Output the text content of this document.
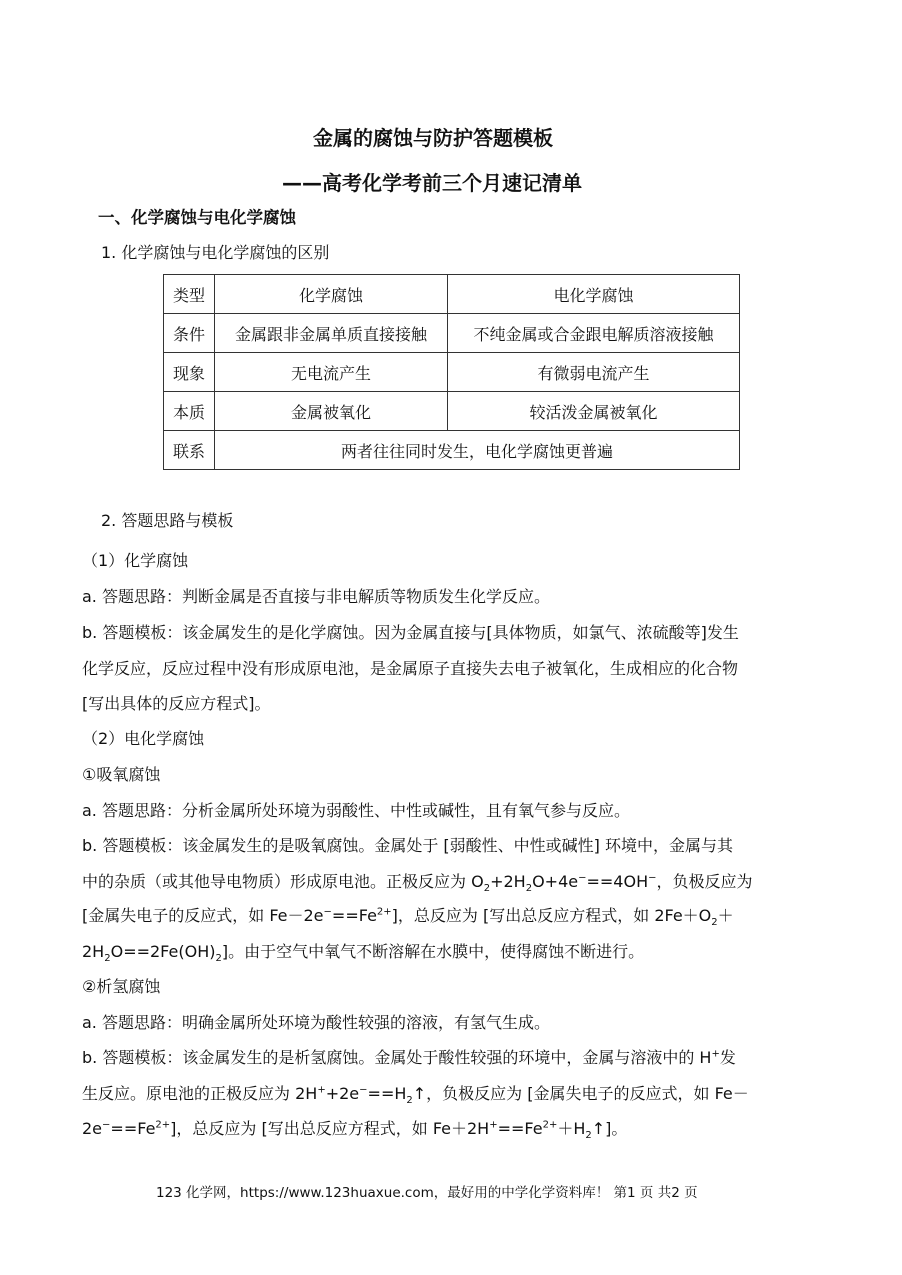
金属的腐蚀与防护答题模板
——高考化学考前三个月速记清单
一、化学腐蚀与电化学腐蚀
1. 化学腐蚀与电化学腐蚀的区别
类型	化学腐蚀	电化学腐蚀
条件	金属跟非金属单质直接接触	不纯金属或合金跟电解质溶液接触
现象	无电流产生	有微弱电流产生
本质	金属被氧化	较活泼金属被氧化
联系	两者往往同时发生，电化学腐蚀更普遍	
2. 答题思路与模板
（1）化学腐蚀
a. 答题思路：判断金属是否直接与非电解质等物质发生化学反应。
b. 答题模板：该金属发生的是化学腐蚀。因为金属直接与[具体物质，如氯气、浓硫酸等]发生
化学反应，反应过程中没有形成原电池，是金属原子直接失去电子被氧化，生成相应的化合物
[写出具体的反应方程式]。
（2）电化学腐蚀
①吸氧腐蚀
a. 答题思路：分析金属所处环境为弱酸性、中性或碱性，且有氧气参与反应。
b. 答题模板：该金属发生的是吸氧腐蚀。金属处于 [弱酸性、中性或碱性] 环境中，金属与其
中的杂质（或其他导电物质）形成原电池。正极反应为 $O_2+2H_2O+4e^-==4OH^-$，负极反应为
[金属失电子的反应式，如 $Fe-2e^-==Fe^{2+}$]，总反应为 [写出总反应方程式，如 $2Fe+O_2+$
$2H_2O==2Fe(OH)_2$]。由于空气中氧气不断溶解在水膜中，使得腐蚀不断进行。
②析氢腐蚀
a. 答题思路：明确金属所处环境为酸性较强的溶液，有氢气生成。
b. 答题模板：该金属发生的是析氢腐蚀。金属处于酸性较强的环境中，金属与溶液中的 H+发
生反应。原电池的正极反应为 $2H^++2e^-==H_2↑$，负极反应为 [金属失电子的反应式，如 Fe－
$2e^-==Fe^{2+}$]，总反应为 [写出总反应方程式，如 $Fe+2H^+==Fe^{2+}+H_2↑$]。
123 化学网，https://www.123huaxue.com，最好用的中学化学资料库！ 第1 页 共2 页
